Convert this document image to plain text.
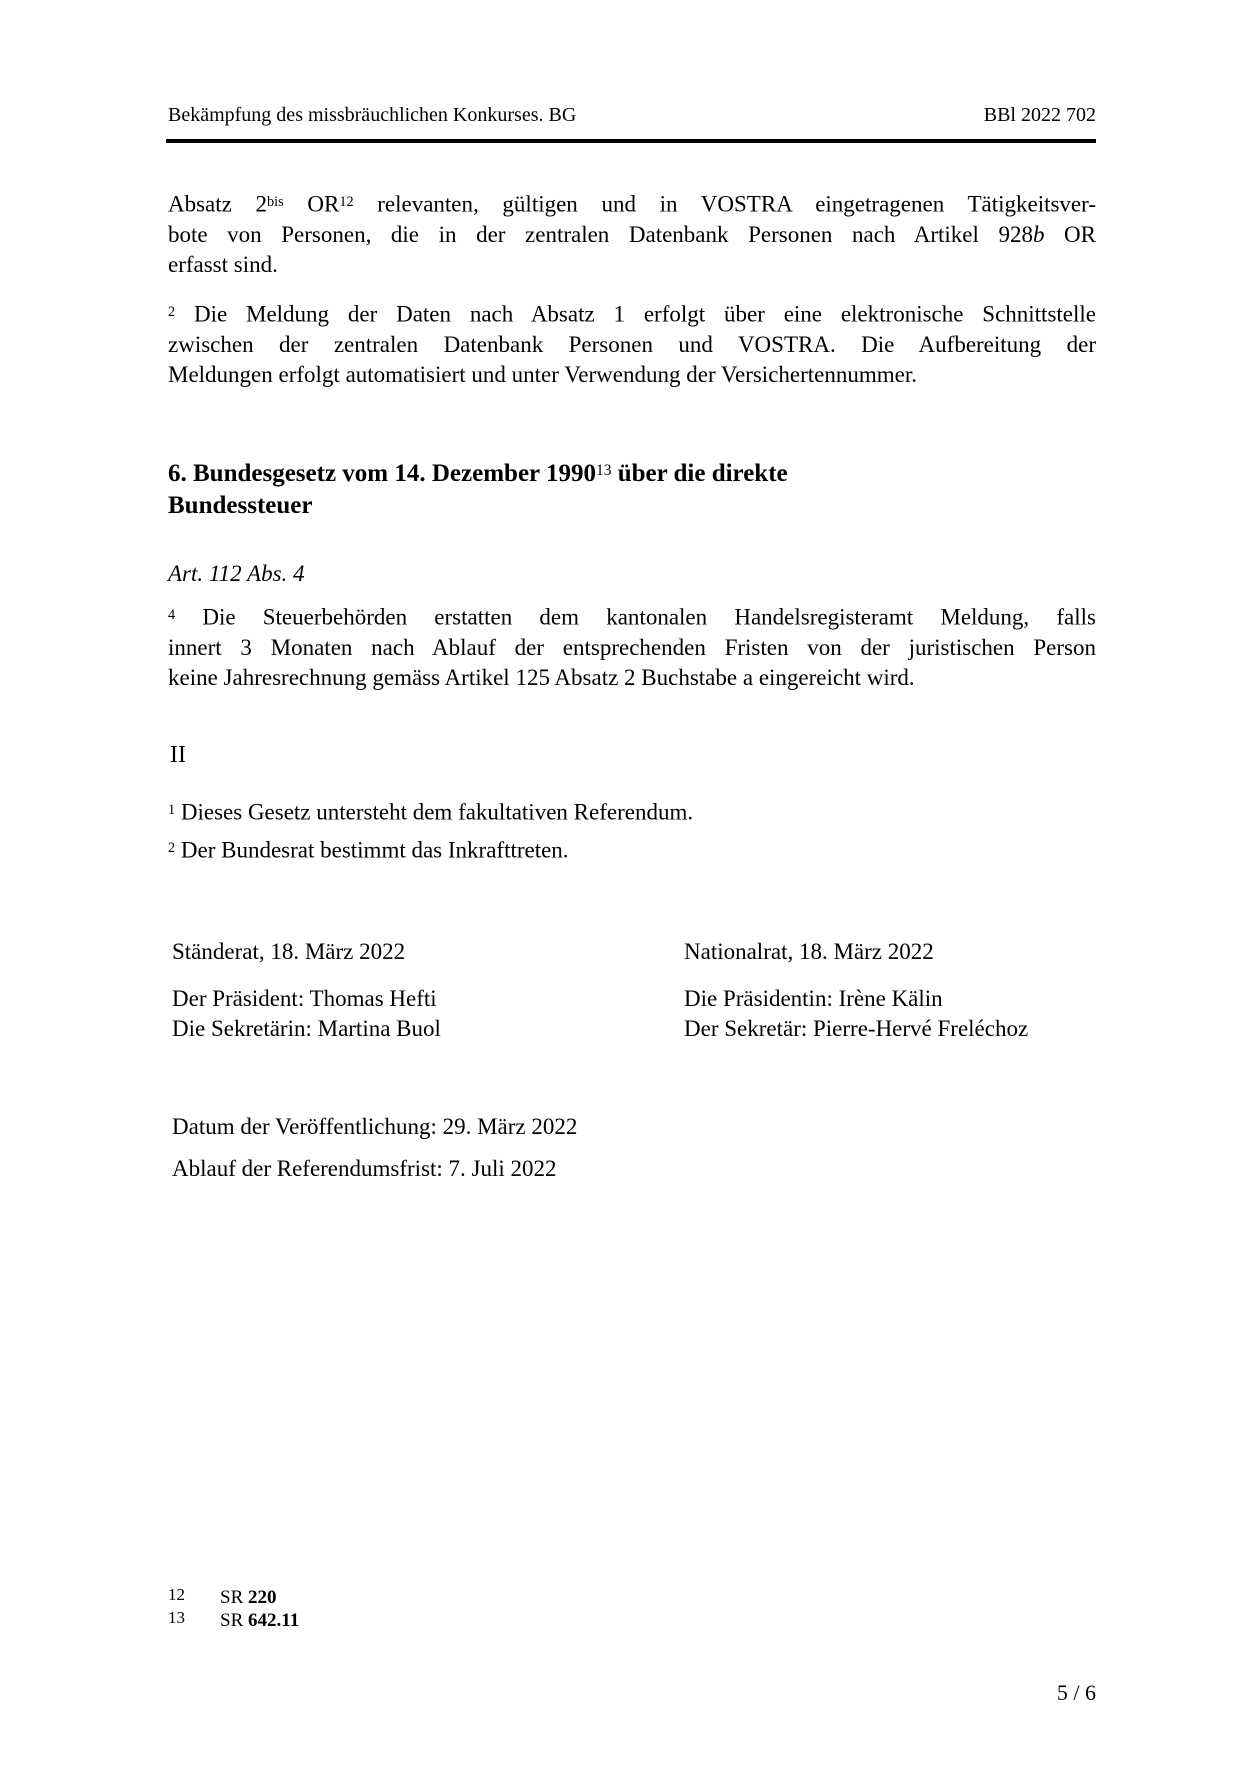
Bekämpfung des missbräuchlichen Konkurses. BG	BBl 2022 702
Absatz $2^{bis}$ OR$^{12}$ relevanten, gültigen und in VOSTRA eingetragenen Tätigkeitsver-
bote von Personen, die in der zentralen Datenbank Personen nach Artikel 928b OR
erfasst sind.
$^2$ Die Meldung der Daten nach Absatz 1 erfolgt über eine elektronische Schnittstelle
zwischen der zentralen Datenbank Personen und VOSTRA. Die Aufbereitung der
Meldungen erfolgt automatisiert und unter Verwendung der Versichertennummer.
6. Bundesgesetz vom 14. Dezember 1990$^{13}$ über die direkte
Bundessteuer
Art. 112 Abs. 4
$^4$ Die Steuerbehörden erstatten dem kantonalen Handelsregisteramt Meldung, falls
innert 3 Monaten nach Ablauf der entsprechenden Fristen von der juristischen Person
keine Jahresrechnung gemäss Artikel 125 Absatz 2 Buchstabe a eingereicht wird.
II
$^1$ Dieses Gesetz untersteht dem fakultativen Referendum.
$^2$ Der Bundesrat bestimmt das Inkrafttreten.
Ständerat, 18. März 2022
Der Präsident: Thomas Hefti
Die Sekretärin: Martina Buol
Nationalrat, 18. März 2022
Die Präsidentin: Irène Kälin
Der Sekretär: Pierre-Hervé Freléchoz
Datum der Veröffentlichung: 29. März 2022
Ablauf der Referendumsfrist: 7. Juli 2022
12	SR 220
13	SR 642.11
5 / 6
